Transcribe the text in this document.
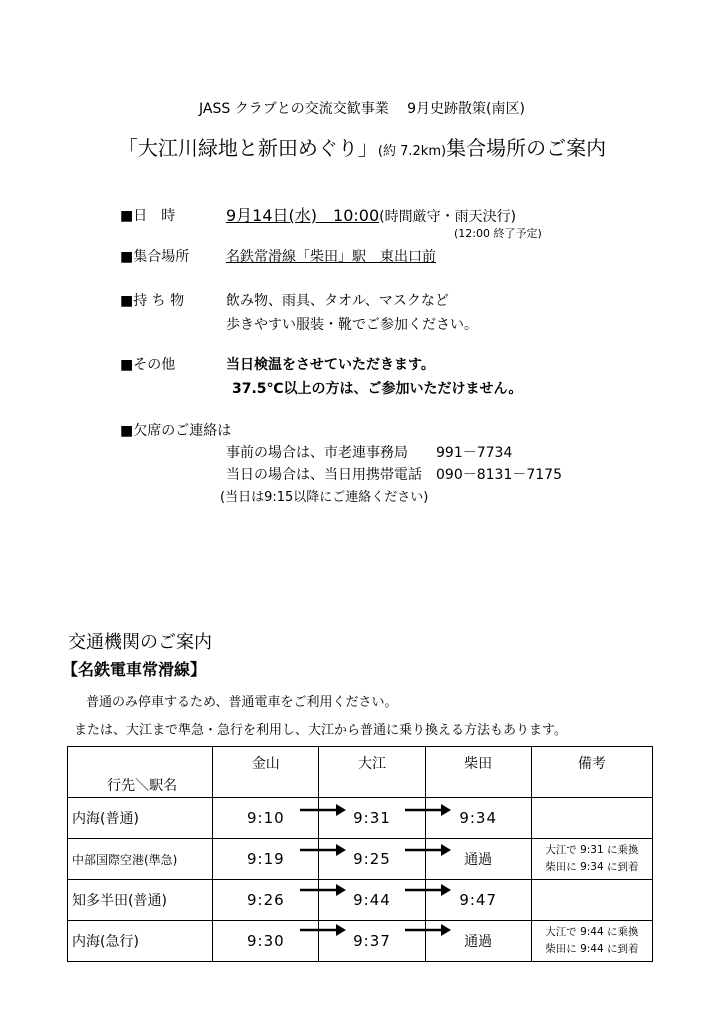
JASS クラブとの交流交歓事業　 9月史跡散策(南区)
「大江川緑地と新田めぐり」(約 7.2km)集合場所のご案内
■日　時	9月14日(水)　10:00(時間厳守・雨天決行)
(12:00 終了予定)
■集合場所	名鉄常滑線「柴田」駅　東出口前
■持 ち 物	飲み物、雨具、タオル、マスクなど
歩きやすい服装・靴でご参加ください。
■その他	当日検温をさせていただきます。
37.5℃以上の方は、ご参加いただけません。
■欠席のご連絡は
事前の場合は、市老連事務局　　991－7734
当日の場合は、当日用携帯電話　090－8131－7175
(当日は9:15以降にご連絡ください)
交通機関のご案内
【名鉄電車常滑線】
普通のみ停車するため、普通電車をご利用ください。
または、大江まで準急・急行を利用し、大江から普通に乗り換える方法もあります。
行先＼駅名	金山	大江	柴田	備考
内海(普通)	9:10	9:31	9:34	
中部国際空港(準急)	9:19	9:25	通過	大江で 9:31 に乗換
柴田に 9:34 に到着

知多半田(普通)	9:26	9:44	9:47	
内海(急行)	9:30	9:37	通過	大江で 9:44 に乗換
柴田に 9:44 に到着
